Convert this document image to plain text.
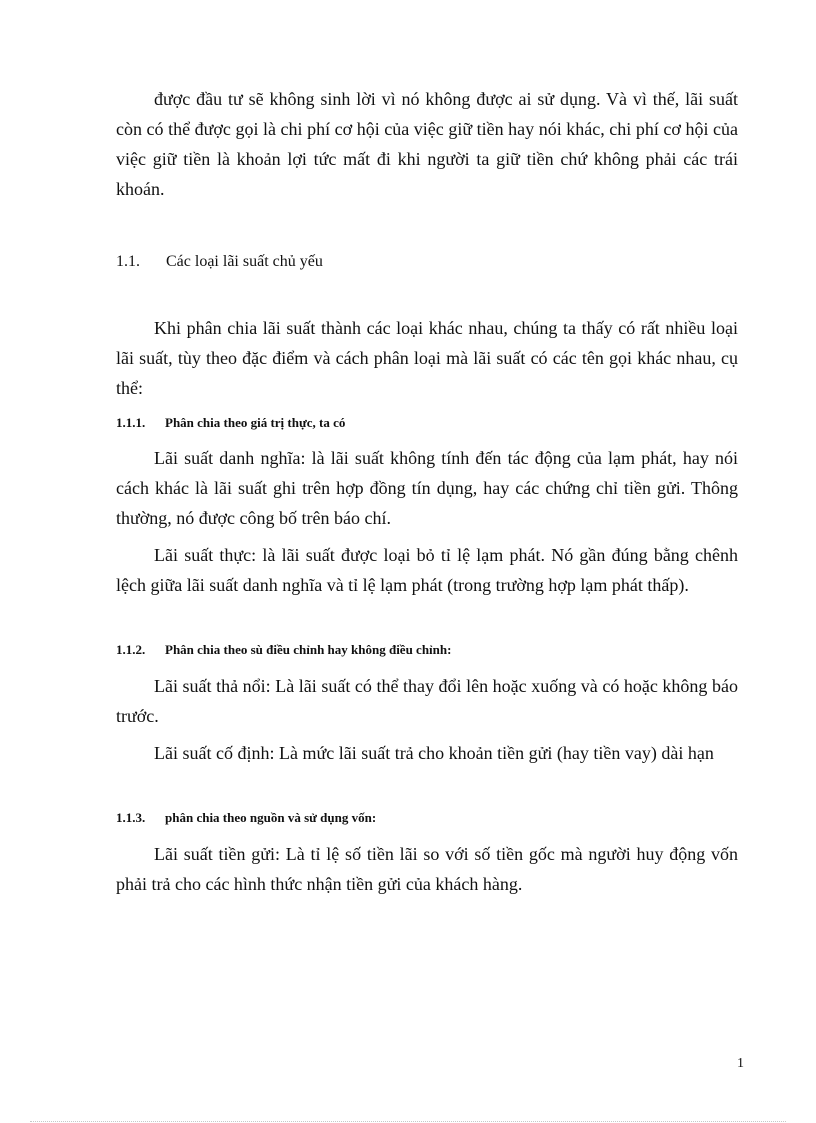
được đầu tư sẽ không sinh lời vì nó không được ai sử dụng. Và vì thế, lãi suất còn có thể được gọi là chi phí cơ hội của việc giữ tiền hay nói khác, chi phí cơ hội của việc giữ tiền là khoản lợi tức mất đi khi người ta giữ tiền chứ không phải các trái khoán.

1.1. Các loại lãi suất chủ yếu

Khi phân chia lãi suất thành các loại khác nhau, chúng ta thấy có rất nhiều loại lãi suất, tùy theo đặc điểm và cách phân loại mà lãi suất có các tên gọi khác nhau, cụ thể:

1.1.1. Phân chia theo giá trị thực, ta có

Lãi suất danh nghĩa: là lãi suất không tính đến tác động của lạm phát, hay nói cách khác là lãi suất ghi trên hợp đồng tín dụng, hay các chứng chỉ tiền gửi. Thông thường, nó được công bố trên báo chí.

Lãi suất thực: là lãi suất được loại bỏ tỉ lệ lạm phát. Nó gần đúng bằng chênh lệch giữa lãi suất danh nghĩa và tỉ lệ lạm phát (trong trường hợp lạm phát thấp).

1.1.2. Phân chia theo sù điều chỉnh hay không điều chỉnh:

Lãi suất thả nổi: Là lãi suất có thể thay đổi lên hoặc xuống và có hoặc không báo trước.

Lãi suất cố định: Là mức lãi suất trả cho khoản tiền gửi (hay tiền vay) dài hạn

1.1.3. phân chia theo nguồn và sử dụng vốn:

Lãi suất tiền gửi: Là tỉ lệ số tiền lãi so với số tiền gốc mà người huy động vốn phải trả cho các hình thức nhận tiền gửi của khách hàng.

1
